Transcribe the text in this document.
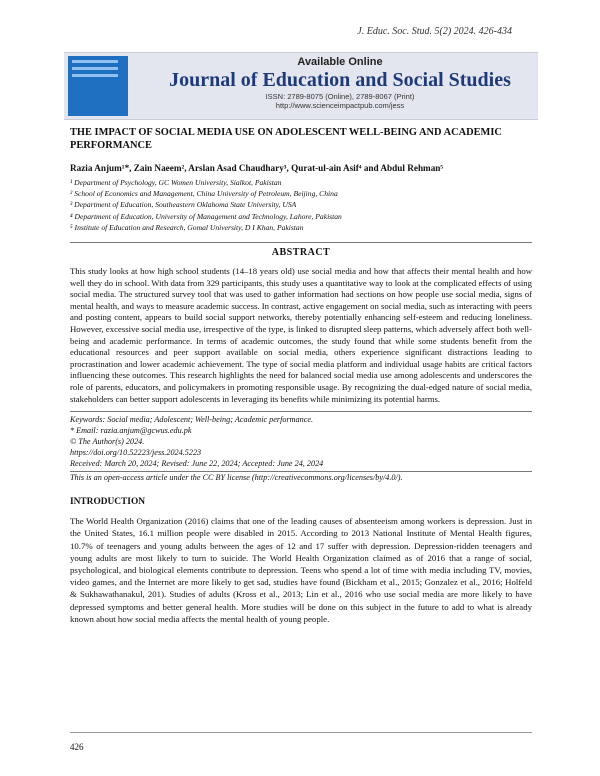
J. Educ. Soc. Stud. 5(2) 2024. 426-434
Available Online
Journal of Education and Social Studies
ISSN: 2789-8075 (Online), 2789-8067 (Print)
http://www.scienceimpactpub.com/jess
THE IMPACT OF SOCIAL MEDIA USE ON ADOLESCENT WELL-BEING AND ACADEMIC PERFORMANCE
Razia Anjum¹*, Zain Naeem², Arslan Asad Chaudhary³, Qurat-ul-ain Asif⁴ and Abdul Rehman⁵
¹ Department of Psychology, GC Women University, Sialkot, Pakistan
² School of Economics and Management, China University of Petroleum, Beijing, China
³ Department of Education, Southeastern Oklahoma State University, USA
⁴ Department of Education, University of Management and Technology, Lahore, Pakistan
⁵ Institute of Education and Research, Gomal University, D I Khan, Pakistan
ABSTRACT
This study looks at how high school students (14–18 years old) use social media and how that affects their mental health and how well they do in school. With data from 329 participants, this study uses a quantitative way to look at the complicated effects of using social media. The structured survey tool that was used to gather information had sections on how people use social media, signs of mental health, and ways to measure academic success. In contrast, active engagement on social media, such as interacting with peers and posting content, appears to build social support networks, thereby potentially enhancing self-esteem and reducing loneliness. However, excessive social media use, irrespective of the type, is linked to disrupted sleep patterns, which adversely affect both well-being and academic performance. In terms of academic outcomes, the study found that while some students benefit from the educational resources and peer support available on social media, others experience significant distractions leading to procrastination and lower academic achievement. The type of social media platform and individual usage habits are critical factors influencing these outcomes. This research highlights the need for balanced social media use among adolescents and underscores the role of parents, educators, and policymakers in promoting responsible usage. By recognizing the dual-edged nature of social media, stakeholders can better support adolescents in leveraging its benefits while minimizing its potential harms.
Keywords: Social media; Adolescent; Well-being; Academic performance.
* Email: razia.anjum@gcwus.edu.pk
© The Author(s) 2024.
https://doi.org/10.52223/jess.2024.5223
Received: March 20, 2024; Revised: June 22, 2024; Accepted: June 24, 2024
This is an open-access article under the CC BY license (http://creativecommons.org/licenses/by/4.0/).
INTRODUCTION
The World Health Organization (2016) claims that one of the leading causes of absenteeism among workers is depression. Just in the United States, 16.1 million people were disabled in 2015. According to 2013 National Institute of Mental Health figures, 10.7% of teenagers and young adults between the ages of 12 and 17 suffer with depression. Depression-ridden teenagers and young adults are most likely to turn to suicide. The World Health Organization claimed as of 2016 that a range of social, psychological, and biological elements contribute to depression. Teens who spend a lot of time with media including TV, movies, video games, and the Internet are more likely to get sad, studies have found (Bickham et al., 2015; Gonzalez et al., 2016; Holfeld & Sukhawathanakul, 201). Studies of adults (Kross et al., 2013; Lin et al., 2016 who use social media are more likely to have depressed symptoms and better general health. More studies will be done on this subject in the future to add to what is already known about how social media affects the mental health of young people.
426
